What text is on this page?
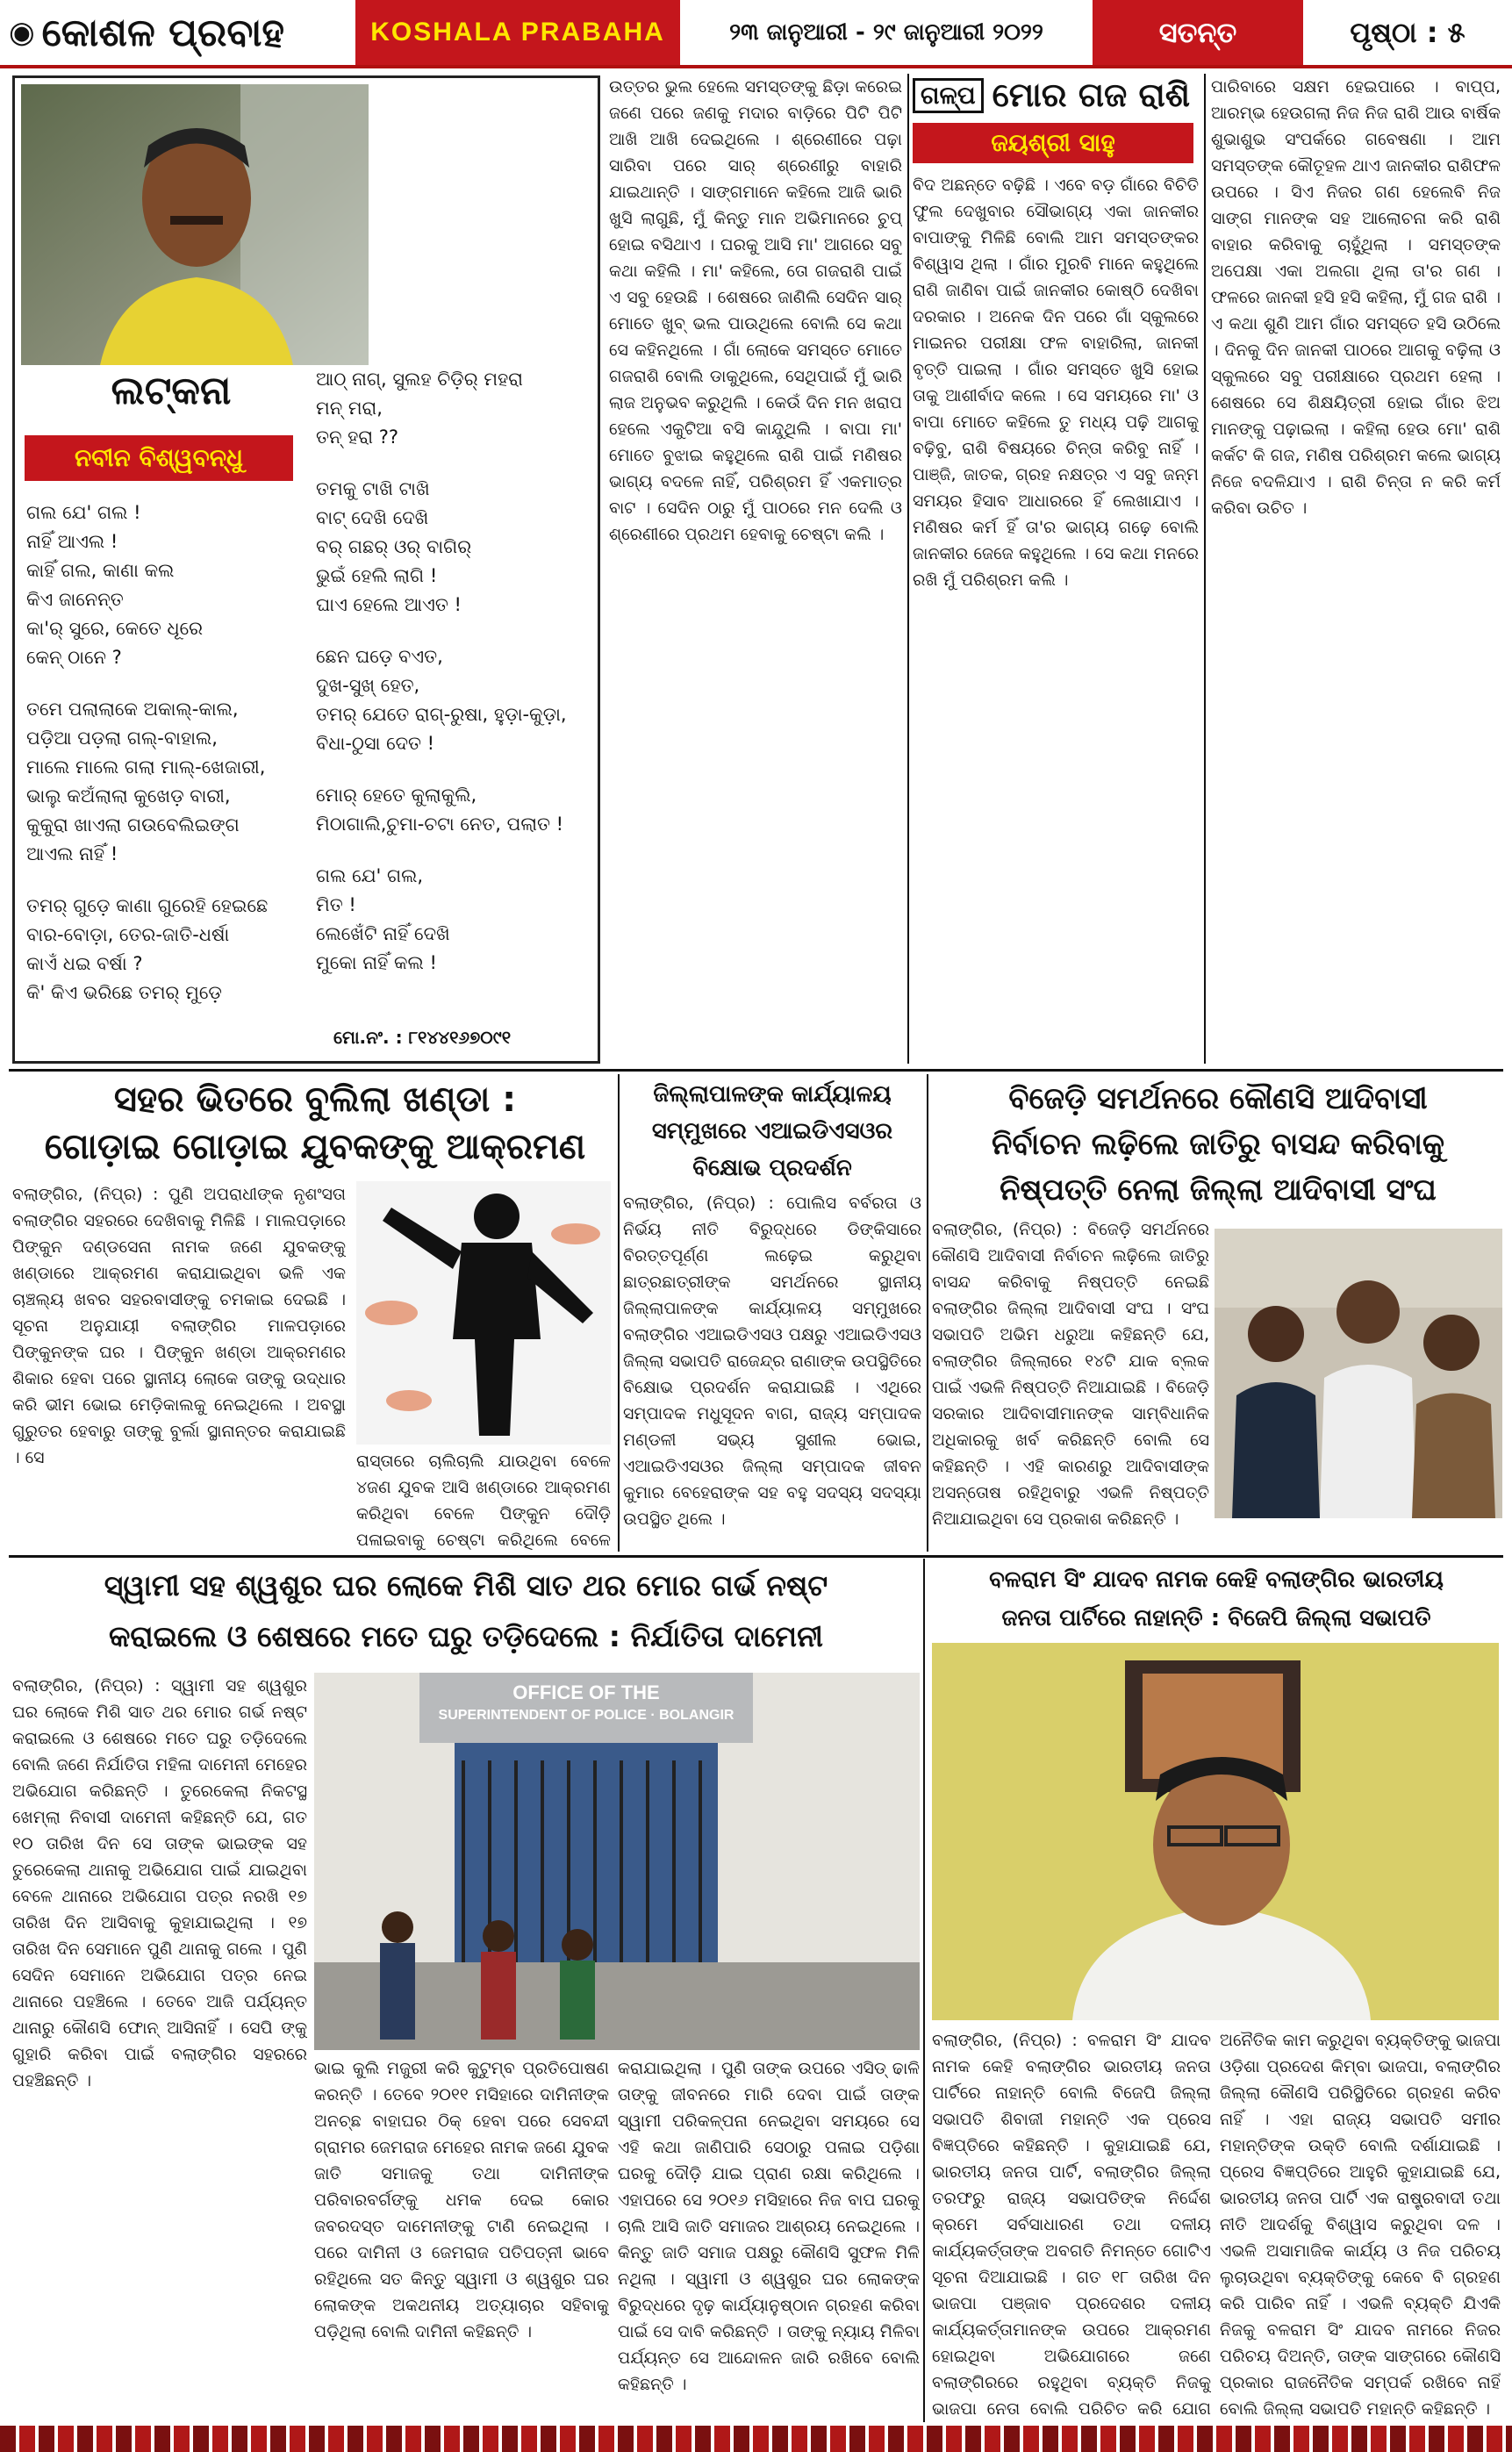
◉ କୋଶଳ ପ୍ରବାହ	KOSHALA PRABAHA	୨୩ ଜାନୁଆରୀ - ୨୯ ଜାନୁଆରୀ ୨୦୨୨	ସତନ୍ତ	ପୃଷ୍ଠା : ୫
ଲଟ୍‌କନା
ନବୀନ ବିଶ୍ୱବନ୍ଧୁ
ଗଲ ଯେ' ଗଲ !
ନାହିଁ ଆଏଲ !
କାହିଁ ଗଲ, କାଣା କଲ
କିଏ ଜାନେନ୍ତ
କା'ର୍ ସୁରେ, କେତେ ଧୂରେ
କେନ୍ ଠାନେ ?
ତମେ ପଲାଲାକେ ଅକାଲ୍-କାଲ,
ପଡ଼ିଆ ପଡ଼ଲା ଗଲ୍-ବାହାଲ,
ମାଲେ ମାଲେ ଗଲା ମାଲ୍-ଖେଜାରୀ,
ଭାଲୁ କଅଁଲାଲା କୁଖେଡ଼ ବାରୀ,
କୁକୁରା ଖାଏଲା ଗଉବେଲିଇଙ୍ଗ
ଆଏଲ ନାହିଁ !
ତମର୍ ଗୁଡ଼େ କାଣା ଗୁରେହି ହେଇଛେ
ବାର-ବୋଡ଼ା, ତେର-ଜାତି-ଧର୍ଷା
କାଏଁ ଧଇ ବର୍ଷା ?
କି' କିଏ ଭରିଛେ ତମର୍ ମୁଡ଼େ
ଆଠ୍ ନାଗ୍, ସୁଲହ ଚିଡ଼ିର୍ ମହରା
ମନ୍ ମରା,
ତନ୍ ହରା ??
ତମକୁ ଟାଖି ଟାଖି
ବାଟ୍ ଦେଖି ଦେଖି
ବର୍ ଗଛର୍ ଓର୍ ବାଗିର୍
ଭୁଇଁ ହେଲି ଲାଗି !
ଘାଏ ହେଲେ ଆଏତ !
ଛେନ ଘଡ଼େ ବଏତ,
ଦୁଖ-ସୁଖ୍ ହେତ,
ତମର୍ ଯେତେ ରାଗ୍-ରୁଷା, ହୁଡ଼ା-କୁଡ଼ା,
ବିଧା-ଠୁସା ଦେତ !
ମୋର୍ ହେତେ କୁଲାକୁଲି,
ମିଠାଗାଲି,ଚୁମା-ଚଟା ନେତ, ପଲାତ !
ଗଲ ଯେ' ଗଲ,
ମିତ !
ଲେଖେଁଟି ନାହିଁ ଦେଖି
ମୁକୋ ନାହିଁ କଲ !
ମୋ.ନଂ. : ୮୧୪୪୧୬୭୦୯୧

ଉତ୍ତର ଭୁଲ ହେଲେ ସମସ୍ତଙ୍କୁ ଛିଡ଼ା କରେଇ ଜଣେ ପରେ ଜଣକୁ ମଦାର ବାଡ଼ିରେ ପିଟି ପିଟି ଆଖି ଆଖି ଦେଇଥିଲେ । ଶ୍ରେଣୀରେ ପଢ଼ା ସାରିବା ପରେ ସାର୍ ଶ୍ରେଣୀରୁ ବାହାରି ଯାଇଥାନ୍ତି । ସାଙ୍ଗମାନେ କହିଲେ ଆଜି ଭାରି ଖୁସି ଲାଗୁଛି, ମୁଁ କିନ୍ତୁ ମାନ ଅଭିମାନରେ ଚୁପ୍ ହୋଇ ବସିଥାଏ । ଘରକୁ ଆସି ମା' ଆଗରେ ସବୁ କଥା କହିଲି । ମା' କହିଲେ, ତୋ ଗଜରାଶି ପାଇଁ ଏ ସବୁ ହେଉଛି । ଶେଷରେ ଜାଣିଲି ସେଦିନ ସାର୍ ମୋତେ ଖୁବ୍ ଭଲ ପାଉଥିଲେ ବୋଲି ସେ କଥା ସେ କହିନଥିଲେ । ଗାଁ ଲୋକେ ସମସ୍ତେ ମୋତେ ଗଜରାଶି ବୋଲି ଡାକୁଥିଲେ, ସେଥିପାଇଁ ମୁଁ ଭାରି ଲାଜ ଅନୁଭବ କରୁଥିଲି । କେଉଁ ଦିନ ମନ ଖରାପ ହେଲେ ଏକୁଟିଆ ବସି କାନ୍ଦୁଥିଲି । ବାପା ମା' ମୋତେ ବୁଝାଇ କହୁଥିଲେ ରାଶି ପାଇଁ ମଣିଷର ଭାଗ୍ୟ ବଦଳେ ନାହିଁ, ପରିଶ୍ରମ ହିଁ ଏକମାତ୍ର ବାଟ । ସେଦିନ ଠାରୁ ମୁଁ ପାଠରେ ମନ ଦେଲି ଓ ଶ୍ରେଣୀରେ ପ୍ରଥମ ହେବାକୁ ଚେଷ୍ଟା କଲି ।

ଗଳ୍ପ ମୋର ଗଜ ରାଶି
ଜୟଶ୍ରୀ ସାହୁ

ବିଦ ଅଛନ୍ତେ ବଢ଼ିଛି । ଏବେ ବଡ଼ ଗାଁରେ ବିଚିତି ଫୁଲ ଦେଖୁବାର ସୌଭାଗ୍ୟ ଏକା ଜାନକୀର ବାପାଙ୍କୁ ମିଳିଛି ବୋଲି ଆମ ସମସ୍ତଙ୍କର ବିଶ୍ୱାସ ଥିଲା । ଗାଁର ମୁରବି ମାନେ କହୁଥିଲେ ରାଶି ଜାଣିବା ପାଇଁ ଜାନକୀର କୋଷ୍ଠି ଦେଖିବା ଦରକାର । ଅନେକ ଦିନ ପରେ ଗାଁ ସ୍କୁଲରେ ମାଇନର ପରୀକ୍ଷା ଫଳ ବାହାରିଲା, ଜାନକୀ ବୃତ୍ତି ପାଇଲା । ଗାଁର ସମସ୍ତେ ଖୁସି ହୋଇ ତାକୁ ଆଶୀର୍ବାଦ କଲେ । ସେ ସମୟରେ ମା' ଓ ବାପା ମୋତେ କହିଲେ ତୁ ମଧ୍ୟ ପଢ଼ି ଆଗକୁ ବଢ଼ିବୁ, ରାଶି ବିଷୟରେ ଚିନ୍ତା କରିବୁ ନାହିଁ । ପାଞ୍ଜି, ଜାତକ, ଗ୍ରହ ନକ୍ଷତ୍ର ଏ ସବୁ ଜନ୍ମ ସମୟର ହିସାବ ଆଧାରରେ ହିଁ ଲେଖାଯାଏ । ମଣିଷର କର୍ମ ହିଁ ତା'ର ଭାଗ୍ୟ ଗଢ଼େ ବୋଲି ଜାନକୀର ଜେଜେ କହୁଥିଲେ । ସେ କଥା ମନରେ ରଖି ମୁଁ ପରିଶ୍ରମ କଲି ।

ପାରିବାରେ ସକ୍ଷମ ହେଇପାରେ । ବାପ୍ପ, ଆରମ୍ଭ ହେଉଗଲା ନିଜ ନିଜ ରାଶି ଆଉ ବାର୍ଷିକ ଶୁଭାଶୁଭ ସଂପର୍କରେ ଗବେଷଣା । ଆମ ସମସ୍ତଙ୍କ କୌତୂହଳ ଥାଏ ଜାନକୀର ରାଶିଫଳ ଉପରେ । ସିଏ ନିଜର ଗଣ ହେଲେବି ନିଜ ସାଙ୍ଗ ମାନଙ୍କ ସହ ଆଲୋଚନା କରି ରାଶି ବାହାର କରିବାକୁ ଚାହୁଁଥିଲା । ସମସ୍ତଙ୍କ ଅପେକ୍ଷା ଏକା ଅଲଗା ଥିଲା ତା'ର ଗଣ । ଫଳରେ ଜାନକୀ ହସି ହସି କହିଲା, ମୁଁ ଗଜ ରାଶି । ଏ କଥା ଶୁଣି ଆମ ଗାଁର ସମସ୍ତେ ହସି ଉଠିଲେ । ଦିନକୁ ଦିନ ଜାନକୀ ପାଠରେ ଆଗକୁ ବଢ଼ିଲା ଓ ସ୍କୁଲରେ ସବୁ ପରୀକ୍ଷାରେ ପ୍ରଥମ ହେଲା । ଶେଷରେ ସେ ଶିକ୍ଷୟିତ୍ରୀ ହୋଇ ଗାଁର ଝିଅ ମାନଙ୍କୁ ପଢ଼ାଇଲା । କହିଲା ହେଉ ମୋ' ରାଶି କର୍କଟ କି ଗଜ, ମଣିଷ ପରିଶ୍ରମ କଲେ ଭାଗ୍ୟ ନିଜେ ବଦଳିଯାଏ । ରାଶି ଚିନ୍ତା ନ କରି କର୍ମ କରିବା ଉଚିତ ।

ସହର ଭିତରେ ବୁଲିଲା ଖଣ୍ଡା :
ଗୋଡ଼ାଇ ଗୋଡ଼ାଇ ଯୁବକଙ୍କୁ ଆକ୍ରମଣ

ବଲାଙ୍ଗିର, (ନିପ୍ର) : ପୁଣି ଅପରାଧୀଙ୍କ ନୃଶଂସତା ବଲାଙ୍ଗିର ସହରରେ ଦେଖିବାକୁ ମିଳିଛି । ମାଲପଡ଼ାରେ ପିଙ୍କୁନ ଦଣ୍ଡସେନା ନାମକ ଜଣେ ଯୁବକଙ୍କୁ ଖଣ୍ଡାରେ ଆକ୍ରମଣ କରାଯାଇଥିବା ଭଳି ଏକ ଚାଞ୍ଚଲ୍ୟ ଖବର ସହରବାସୀଙ୍କୁ ଚମକାଇ ଦେଇଛି । ସୂଚନା ଅନୁଯାୟୀ ବଲାଙ୍ଗିର ମାଳପଡ଼ାରେ ପିଙ୍କୁନଙ୍କ ଘର । ପିଙ୍କୁନ ଖଣ୍ଡା ଆକ୍ରମଣର ଶିକାର ହେବା ପରେ ସ୍ଥାନୀୟ ଲୋକେ ତାଙ୍କୁ ଉଦ୍ଧାର କରି ଭୀମ ଭୋଇ ମେଡ଼ିକାଲକୁ ନେଇଥିଲେ । ଅବସ୍ଥା ଗୁରୁତର ହେବାରୁ ତାଙ୍କୁ ବୁର୍ଲା ସ୍ଥାନାନ୍ତର କରାଯାଇଛି । ସେ	ରାସ୍ତାରେ ଚାଲିଚାଲି ଯାଉଥିବା ବେଳେ ୪ଜଣ ଯୁବକ ଆସି ଖଣ୍ଡାରେ ଆକ୍ରମଣ କରିଥିବା ବେଳେ ପିଙ୍କୁନ ଦୌଡ଼ି ପଳାଇବାକୁ ଚେଷ୍ଟା କରିଥିଲେ ବେଳେ

ଜିଲ୍ଲାପାଳଙ୍କ କାର୍ଯ୍ୟାଳୟ
ସମ୍ମୁଖରେ ଏଆଇଡିଏସଓର
ବିକ୍ଷୋଭ ପ୍ରଦର୍ଶନ

ବଲାଙ୍ଗିର, (ନିପ୍ର) : ପୋଲିସ ବର୍ବରତା ଓ ନିର୍ଭୟ ନୀତି ବିରୁଦ୍ଧରେ ଡିଙ୍କିସାରେ ବିରତ୍ତପୂର୍ଣ୍ଣ ଲଢ଼େଇ କରୁଥିବା ଛାତ୍ରଛାତ୍ରୀଙ୍କ ସମର୍ଥନରେ ସ୍ଥାନୀୟ ଜିଲ୍ଲାପାଳଙ୍କ କାର୍ଯ୍ୟାଳୟ ସମ୍ମୁଖରେ ବଲାଙ୍ଗିର ଏଆଇଡିଏସଓ ପକ୍ଷରୁ ଏଆଇଡିଏସଓ ଜିଲ୍ଲା ସଭାପତି ରାଜେନ୍ଦ୍ର ରାଣାଙ୍କ ଉପସ୍ଥିତିରେ ବିକ୍ଷୋଭ ପ୍ରଦର୍ଶନ କରାଯାଇଛି । ଏଥିରେ ସମ୍ପାଦକ ମଧୁସୂଦନ ବାଗ, ରାଜ୍ୟ ସମ୍ପାଦକ ମଣ୍ଡଳୀ ସଭ୍ୟ ସୁଶୀଲ ଭୋଇ, ଏଆଇଡିଏସଓର ଜିଲ୍ଲା ସମ୍ପାଦକ ଜୀବନ କୁମାର ବେହେରାଙ୍କ ସହ ବହୁ ସଦସ୍ୟ ସଦସ୍ୟା ଉପସ୍ଥିତ ଥିଲେ ।

ବିଜେଡ଼ି ସମର୍ଥନରେ କୌଣସି ଆଦିବାସୀ
ନିର୍ବାଚନ ଲଢ଼ିଲେ ଜାତିରୁ ବାସନ୍ଦ କରିବାକୁ
ନିଷ୍ପତ୍ତି ନେଲା ଜିଲ୍ଲା ଆଦିବାସୀ ସଂଘ

ବଲାଙ୍ଗିର, (ନିପ୍ର) : ବିଜେଡ଼ି ସମର୍ଥନରେ କୌଣସି ଆଦିବାସୀ ନିର୍ବାଚନ ଲଢ଼ିଲେ ଜାତିରୁ ବାସନ୍ଦ କରିବାକୁ ନିଷ୍ପତ୍ତି ନେଇଛି ବଲାଙ୍ଗିର ଜିଲ୍ଲା ଆଦିବାସୀ ସଂଘ । ସଂଘ ସଭାପତି ଅଭିମ ଧରୁଆ କହିଛନ୍ତି ଯେ, ବଲାଙ୍ଗିର ଜିଲ୍ଲାରେ ୧୪ଟି ଯାକ ବ୍ଲକ ପାଇଁ ଏଭଳି ନିଷ୍ପତ୍ତି ନିଆଯାଇଛି । ବିଜେଡ଼ି ସରକାର ଆଦିବାସୀମାନଙ୍କ ସାମ୍ବିଧାନିକ ଅଧିକାରକୁ ଖର୍ବ କରିଛନ୍ତି ବୋଲି ସେ କହିଛନ୍ତି । ଏହି କାରଣରୁ ଆଦିବାସୀଙ୍କ ଅସନ୍ତୋଷ ରହିଥିବାରୁ ଏଭଳି ନିଷ୍ପତ୍ତି ନିଆଯାଇଥିବା ସେ ପ୍ରକାଶ କରିଛନ୍ତି ।

ସ୍ୱାମୀ ସହ ଶ୍ୱଶୁର ଘର ଲୋକେ ମିଶି ସାତ ଥର ମୋର ଗର୍ଭ ନଷ୍ଟ
କରାଇଲେ ଓ ଶେଷରେ ମତେ ଘରୁ ତଡ଼ିଦେଲେ : ନିର୍ଯାତିତା ଦାମେନୀ

ବଲାଙ୍ଗିର, (ନିପ୍ର) : ସ୍ୱାମୀ ସହ ଶ୍ୱଶୁର ଘର ଲୋକେ ମିଶି ସାତ ଥର ମୋର ଗର୍ଭ ନଷ୍ଟ କରାଇଲେ ଓ ଶେଷରେ ମତେ ଘରୁ ତଡ଼ିଦେଲେ ବୋଲି ଜଣେ ନିର୍ଯାତିତା ମହିଳା ଦାମେନୀ ମେହେର ଅଭିଯୋଗ କରିଛନ୍ତି । ତୁରେକେଲା ନିକଟସ୍ଥ ଖେମ୍ଲା ନିବାସୀ ଦାମେନୀ କହିଛନ୍ତି ଯେ, ଗତ ୧୦ ତାରିଖ ଦିନ ସେ ତାଙ୍କ ଭାଇଙ୍କ ସହ ତୁରେକେଲା ଥାନାକୁ ଅଭିଯୋଗ ପାଇଁ ଯାଇଥିବା ବେଳେ ଥାନାରେ ଅଭିଯୋଗ ପତ୍ର ନରଖି ୧୭ ତାରିଖ ଦିନ ଆସିବାକୁ କୁହାଯାଇଥିଲା । ୧୭ ତାରିଖ ଦିନ ସେମାନେ ପୁଣି ଥାନାକୁ ଗଲେ । ପୁଣି ସେଦିନ ସେମାନେ ଅଭିଯୋଗ ପତ୍ର ନେଇ ଥାନାରେ ପହଞ୍ଚିଲେ । ତେବେ ଆଜି ପର୍ଯ୍ୟନ୍ତ ଥାନାରୁ କୌଣସି ଫୋନ୍ ଆସିନାହିଁ । ସେପି ଙ୍କୁ ଗୁହାରି କରିବା ପାଇଁ ବଲାଙ୍ଗିର ସହରରେ ପହଞ୍ଚିଛନ୍ତି ।

OFFICE OF THE
SUPERINTENDENT OF POLICE · BOLANGIR

ଭାଇ କୁଲି ମଜୁରୀ କରି କୁଟୁମ୍ବ ପ୍ରତିପୋଷଣ କରନ୍ତି । ତେବେ ୨୦୧୧ ମସିହାରେ ଦାମିନୀଙ୍କ ଅନଚ୍ଛ ବାହାଘର ଠିକ୍ ହେବା ପରେ ସେବନ୍ଦୀ ଗ୍ରାମର ଜେମରାଜ ମେହେର ନାମକ ଜଣେ ଯୁବକ ଜାତି ସମାଜକୁ ତଥା ଦାମିନୀଙ୍କ ପରିବାରବର୍ଗଙ୍କୁ ଧମକ ଦେଇ କୋର ଜବରଦସ୍ତ ଦାମେନୀଙ୍କୁ ଟାଣି ନେଇଥିଲା । ପରେ ଦାମିନୀ ଓ ଜେମରାଜ ପତିପତ୍ନୀ ଭାବେ ରହିଥିଲେ ସତ କିନ୍ତୁ ସ୍ୱାମୀ ଓ ଶ୍ୱଶୁର ଘର ଲୋକଙ୍କ ଅକଥନୀୟ ଅତ୍ୟାଚାର ସହିବାକୁ ପଡ଼ିଥିଲା ବୋଲି ଦାମିନୀ କହିଛନ୍ତି ।

କରାଯାଇଥିଲା । ପୁଣି ତାଙ୍କ ଉପରେ ଏସିଡ୍ ଢାଳି ତାଙ୍କୁ ଜୀବନରେ ମାରି ଦେବା ପାଇଁ ତାଙ୍କ ସ୍ୱାମୀ ପରିକଳ୍ପନା ନେଇଥିବା ସମୟରେ ସେ ଏହି କଥା ଜାଣିପାରି ସେଠାରୁ ପଳାଇ ପଡ଼ିଶା ଘରକୁ ଦୌଡ଼ି ଯାଇ ପ୍ରାଣ ରକ୍ଷା କରିଥିଲେ । ଏହାପରେ ସେ ୨୦୧୬ ମସିହାରେ ନିଜ ବାପ ଘରକୁ ଚାଲି ଆସି ଜାତି ସମାଜର ଆଶ୍ରୟ ନେଇଥିଲେ । କିନ୍ତୁ ଜାତି ସମାଜ ପକ୍ଷରୁ କୌଣସି ସୁଫଳ ମିଳି ନଥିଲା । ସ୍ୱାମୀ ଓ ଶ୍ୱଶୁର ଘର ଲୋକଙ୍କ ବିରୁଦ୍ଧରେ ଦୃଢ଼ କାର୍ଯ୍ୟାନୁଷ୍ଠାନ ଗ୍ରହଣ କରିବା ପାଇଁ ସେ ଦାବି କରିଛନ୍ତି । ତାଙ୍କୁ ନ୍ୟାୟ ମିଳିବା ପର୍ଯ୍ୟନ୍ତ ସେ ଆନ୍ଦୋଳନ ଜାରି ରଖିବେ ବୋଲି କହିଛନ୍ତି ।

ବଳରାମ ସିଂ ଯାଦବ ନାମକ କେହି ବଲାଙ୍ଗିର ଭାରତୀୟ
ଜନତା ପାର୍ଟିରେ ନାହାନ୍ତି : ବିଜେପି ଜିଲ୍ଲା ସଭାପତି

ବଲାଙ୍ଗିର, (ନିପ୍ର) : ବଳରାମ ସିଂ ଯାଦବ ନାମକ କେହି ବଲାଙ୍ଗିର ଭାରତୀୟ ଜନତା ପାର୍ଟିରେ ନାହାନ୍ତି ବୋଲି ବିଜେପି ଜିଲ୍ଲା ସଭାପତି ଶିବାଜୀ ମହାନ୍ତି ଏକ ପ୍ରେସ ବିଜ୍ଞପ୍ତିରେ କହିଛନ୍ତି । କୁହାଯାଇଛି ଯେ, ଭାରତୀୟ ଜନତା ପାର୍ଟି, ବଲାଙ୍ଗିର ଜିଲ୍ଲା ତରଫରୁ ରାଜ୍ୟ ସଭାପତିଙ୍କ ନିର୍ଦ୍ଦେଶ କ୍ରମେ ସର୍ବସାଧାରଣ ତଥା ଦଳୀୟ କାର୍ଯ୍ୟକର୍ତ୍ତାଙ୍କ ଅବଗତି ନିମନ୍ତେ ଗୋଟିଏ ସୂଚନା ଦିଆଯାଇଛି । ଗତ ୧୮ ତାରିଖ ଦିନ ଭାଜପା ପଞ୍ଜାବ ପ୍ରଦେଶର ଦଳୀୟ କାର୍ଯ୍ୟକର୍ତ୍ତାମାନଙ୍କ ଉପରେ ଆକ୍ରମଣ ହୋଇଥିବା ଅଭିଯୋଗରେ ଜଣେ ବଲାଙ୍ଗିରରେ ରହୁଥିବା ବ୍ୟକ୍ତି ନିଜକୁ ଭାଜପା ନେତା ବୋଲି ପରିଚିତ କରି ଯୋଗ

ଅନୈତିକ କାମ କରୁଥିବା ବ୍ୟକ୍ତିଙ୍କୁ ଭାଜପା ଓଡ଼ିଶା ପ୍ରଦେଶ କିମ୍ବା ଭାଜପା, ବଲାଙ୍ଗିର ଜିଲ୍ଲା କୌଣସି ପରିସ୍ଥିତିରେ ଗ୍ରହଣ କରିବ ନାହିଁ । ଏହା ରାଜ୍ୟ ସଭାପତି ସମୀର ମହାନ୍ତିଙ୍କ ଉକ୍ତି ବୋଲି ଦର୍ଶାଯାଇଛି । ପ୍ରେସ ବିଜ୍ଞପ୍ତିରେ ଆହୁରି କୁହାଯାଇଛି ଯେ, ଭାରତୀୟ ଜନତା ପାର୍ଟି ଏକ ରାଷ୍ଟ୍ରବାଦୀ ତଥା ନୀତି ଆଦର୍ଶକୁ ବିଶ୍ୱାସ କରୁଥିବା ଦଳ । ଏଭଳି ଅସାମାଜିକ କାର୍ଯ୍ୟ ଓ ନିଜ ପରିଚୟ ଲୁଚାଉଥିବା ବ୍ୟକ୍ତିଙ୍କୁ କେବେ ବି ଗ୍ରହଣ କରି ପାରିବ ନାହିଁ । ଏଭଳି ବ୍ୟକ୍ତି ଯିଏକି ନିଜକୁ ବଳରାମ ସିଂ ଯାଦବ ନାମରେ ନିଜର ପରିଚୟ ଦିଅନ୍ତି, ତାଙ୍କ ସାଙ୍ଗରେ କୌଣସି ପ୍ରକାର ରାଜନୈତିକ ସମ୍ପର୍କ ରଖିବେ ନାହିଁ ବୋଲି ଜିଲ୍ଲା ସଭାପତି ମହାନ୍ତି କହିଛନ୍ତି ।
